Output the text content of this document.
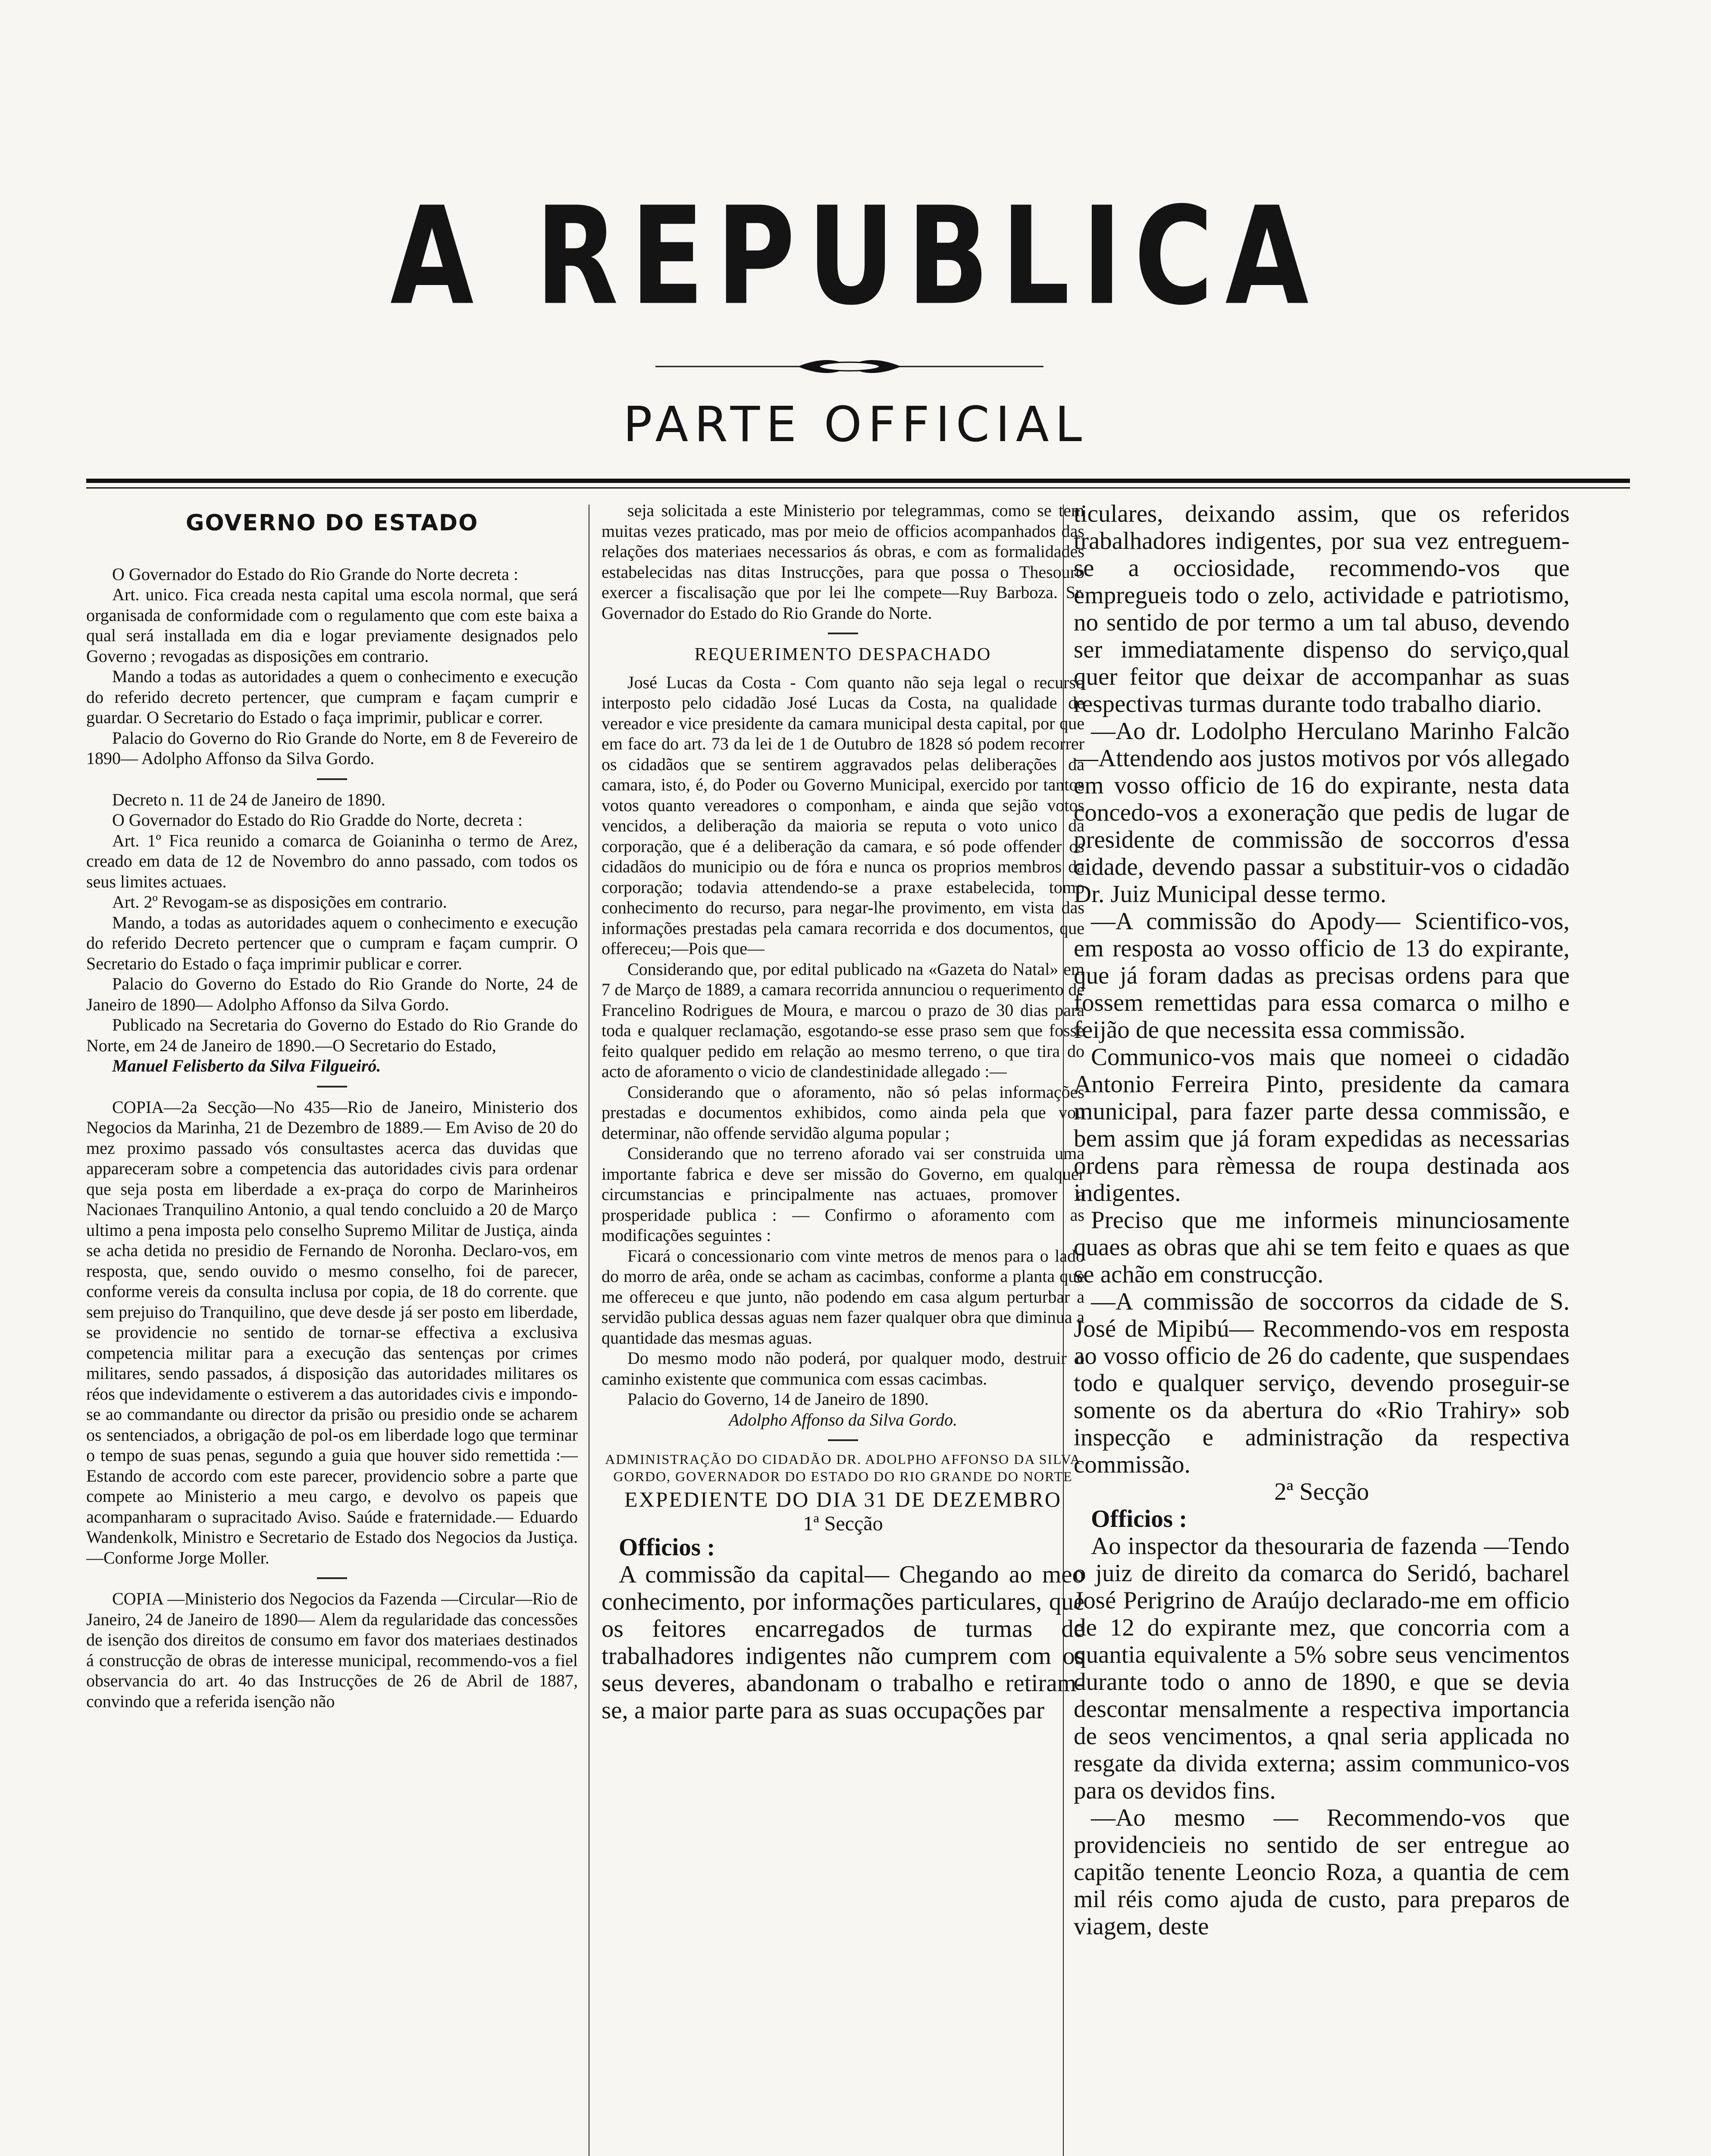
A REPUBLICA
PARTE OFFICIAL
GOVERNO DO ESTADO

O Governador do Estado do Rio Grande do Norte decreta :

Art. unico. Fica creada nesta capital uma escola normal, que será organisada de conformidade com o regulamento que com este baixa a qual será installada em dia e logar previamente designados pelo Governo ; revogadas as disposições em contrario.

Mando a todas as autoridades a quem o conhecimento e execução do referido decreto pertencer, que cumpram e façam cumprir e guardar. O Secretario do Estado o faça imprimir, publicar e correr.

Palacio do Governo do Rio Grande do Norte, em 8 de Fevereiro de 1890— Adolpho Affonso da Silva Gordo.

Decreto n. 11 de 24 de Janeiro de 1890.

O Governador do Estado do Rio Gradde do Norte, decreta :

Art. 1º Fica reunido a comarca de Goianinha o termo de Arez, creado em data de 12 de Novembro do anno passado, com todos os seus limites actuaes.

Art. 2º Revogam-se as disposições em contrario.

Mando, a todas as autoridades aquem o conhecimento e execução do referido Decreto pertencer que o cumpram e façam cumprir. O Secretario do Estado o faça imprimir publicar e correr.

Palacio do Governo do Estado do Rio Grande do Norte, 24 de Janeiro de 1890— Adolpho Affonso da Silva Gordo.

Publicado na Secretaria do Governo do Estado do Rio Grande do Norte, em 24 de Janeiro de 1890.—O Secretario do Estado,

Manuel Felisberto da Silva Filgueiró.

COPIA—2a Secção—No 435—Rio de Janeiro, Ministerio dos Negocios da Marinha, 21 de Dezembro de 1889.— Em Aviso de 20 do mez proximo passado vós consultastes acerca das duvidas que appareceram sobre a competencia das autoridades civis para ordenar que seja posta em liberdade a ex-praça do corpo de Marinheiros Nacionaes Tranquilino Antonio, a qual tendo concluido a 20 de Março ultimo a pena imposta pelo conselho Supremo Militar de Justiça, ainda se acha detida no presidio de Fernando de Noronha. Declaro-vos, em resposta, que, sendo ouvido o mesmo conselho, foi de parecer, conforme vereis da consulta inclusa por copia, de 18 do corrente. que sem prejuiso do Tranquilino, que deve desde já ser posto em liberdade, se providencie no sentido de tornar-se effectiva a exclusiva competencia militar para a execução das sentenças por crimes militares, sendo passados, á disposição das autoridades militares os réos que indevidamente o estiverem a das autoridades civis e impondo-se ao commandante ou director da prisão ou presidio onde se acharem os sentenciados, a obrigação de pol-os em liberdade logo que terminar o tempo de suas penas, segundo a guia que houver sido remettida :— Estando de accordo com este parecer, providencio sobre a parte que compete ao Ministerio a meu cargo, e devolvo os papeis que acompanharam o supracitado Aviso. Saúde e fraternidade.— Eduardo Wandenkolk, Ministro e Secretario de Estado dos Negocios da Justiça. —Conforme Jorge Moller.

COPIA —Ministerio dos Negocios da Fazenda —Circular—Rio de Janeiro, 24 de Janeiro de 1890— Alem da regularidade das concessões de isenção dos direitos de consumo em favor dos materiaes destinados á construcção de obras de interesse municipal, recommendo-vos a fiel observancia do art. 4o das Instrucções de 26 de Abril de 1887, convindo que a referida isenção não

seja solicitada a este Ministerio por telegrammas, como se tem muitas vezes praticado, mas por meio de officios acompanhados das relações dos materiaes necessarios ás obras, e com as formalidades estabelecidas nas ditas Instrucções, para que possa o Thesouro exercer a fiscalisação que por lei lhe compete—Ruy Barboza. Sr. Governador do Estado do Rio Grande do Norte.

REQUERIMENTO DESPACHADO

José Lucas da Costa - Com quanto não seja legal o recurso interposto pelo cidadão José Lucas da Costa, na qualidade de vereador e vice presidente da camara municipal desta capital, por que em face do art. 73 da lei de 1 de Outubro de 1828 só podem recorrer os cidadãos que se sentirem aggravados pelas deliberações da camara, isto, é, do Poder ou Governo Municipal, exercido por tantos votos quanto vereadores o componham, e ainda que sejão votos vencidos, a deliberação da maioria se reputa o voto unico da corporação, que é a deliberação da camara, e só pode offender os cidadãos do municipio ou de fóra e nunca os proprios membros da corporação; todavia attendendo-se a praxe estabelecida, tomo conhecimento do recurso, para negar-lhe provimento, em vista das informações prestadas pela camara recorrida e dos documentos, que offereceu;—Pois que—

Considerando que, por edital publicado na «Gazeta do Natal» em 7 de Março de 1889, a camara recorrida annunciou o requerimento de Francelino Rodrigues de Moura, e marcou o prazo de 30 dias para toda e qualquer reclamação, esgotando-se esse praso sem que fosse feito qualquer pedido em relação ao mesmo terreno, o que tira do acto de aforamento o vicio de clandestinidade allegado :—

Considerando que o aforamento, não só pelas informações prestadas e documentos exhibidos, como ainda pela que vou determinar, não offende servidão alguma popular ;

Considerando que no terreno aforado vai ser construida uma importante fabrica e deve ser missão do Governo, em qualquer circumstancias e principalmente nas actuaes, promover a prosperidade publica : — Confirmo o aforamento com as modificações seguintes :

Ficará o concessionario com vinte metros de menos para o lado do morro de arêa, onde se acham as cacimbas, conforme a planta que me offereceu e que junto, não podendo em casa algum perturbar a servidão publica dessas aguas nem fazer qualquer obra que diminua a quantidade das mesmas aguas.

Do mesmo modo não poderá, por qualquer modo, destruir o caminho existente que communica com essas cacimbas.

Palacio do Governo, 14 de Janeiro de 1890.

Adolpho Affonso da Silva Gordo.

ADMINISTRAÇÃO DO CIDADÃO DR. ADOLPHO AFFONSO DA SILVA GORDO, GOVERNADOR DO ESTADO DO RIO GRANDE DO NORTE
EXPEDIENTE DO DIA 31 DE DEZEMBRO
1ª Secção

Officios :

A commissão da capital— Chegando ao meo conhecimento, por informações particulares, que os feitores encarregados de turmas de trabalhadores indigentes não cumprem com os seus deveres, abandonam o trabalho e retiram-se, a maior parte para as suas occupações par

ticulares, deixando assim, que os referidos trabalhadores indigentes, por sua vez entreguem-se a occiosidade, recommendo-vos que empregueis todo o zelo, actividade e patriotismo, no sentido de por termo a um tal abuso, devendo ser immediatamente dispenso do serviço,qual quer feitor que deixar de accompanhar as suas respectivas turmas durante todo trabalho diario.

—Ao dr. Lodolpho Herculano Marinho Falcão—Attendendo aos justos motivos por vós allegado em vosso officio de 16 do expirante, nesta data concedo-vos a exoneração que pedis de lugar de presidente de commissão de soccorros d'essa cidade, devendo passar a substituir-vos o cidadão Dr. Juiz Municipal desse termo.

—A commissão do Apody— Scientifico-vos, em resposta ao vosso officio de 13 do expirante, que já foram dadas as precisas ordens para que fossem remettidas para essa comarca o milho e feijão de que necessita essa commissão.

Communico-vos mais que nomeei o cidadão Antonio Ferreira Pinto, presidente da camara municipal, para fazer parte dessa commissão, e bem assim que já foram expedidas as necessarias ordens para rèmessa de roupa destinada aos indigentes.

Preciso que me informeis minunciosamente quaes as obras que ahi se tem feito e quaes as que se achão em construcção.

—A commissão de soccorros da cidade de S. José de Mipibú— Recommendo-vos em resposta ao vosso officio de 26 do cadente, que suspendaes todo e qualquer serviço, devendo proseguir-se somente os da abertura do «Rio Trahiry» sob inspecção e administração da respectiva commissão.

2ª Secção

Officios :

Ao inspector da thesouraria de fazenda —Tendo o juiz de direito da comarca do Seridó, bacharel José Perigrino de Araújo declarado-me em officio de 12 do expirante mez, que concorria com a quantia equivalente a 5% sobre seus vencimentos durante todo o anno de 1890, e que se devia descontar mensalmente a respectiva importancia de seos vencimentos, a qnal seria applicada no resgate da divida externa; assim communico-vos para os devidos fins.

—Ao mesmo — Recommendo-vos que providencieis no sentido de ser entregue ao capitão tenente Leoncio Roza, a quantia de cem mil réis como ajuda de custo, para preparos de viagem, deste
